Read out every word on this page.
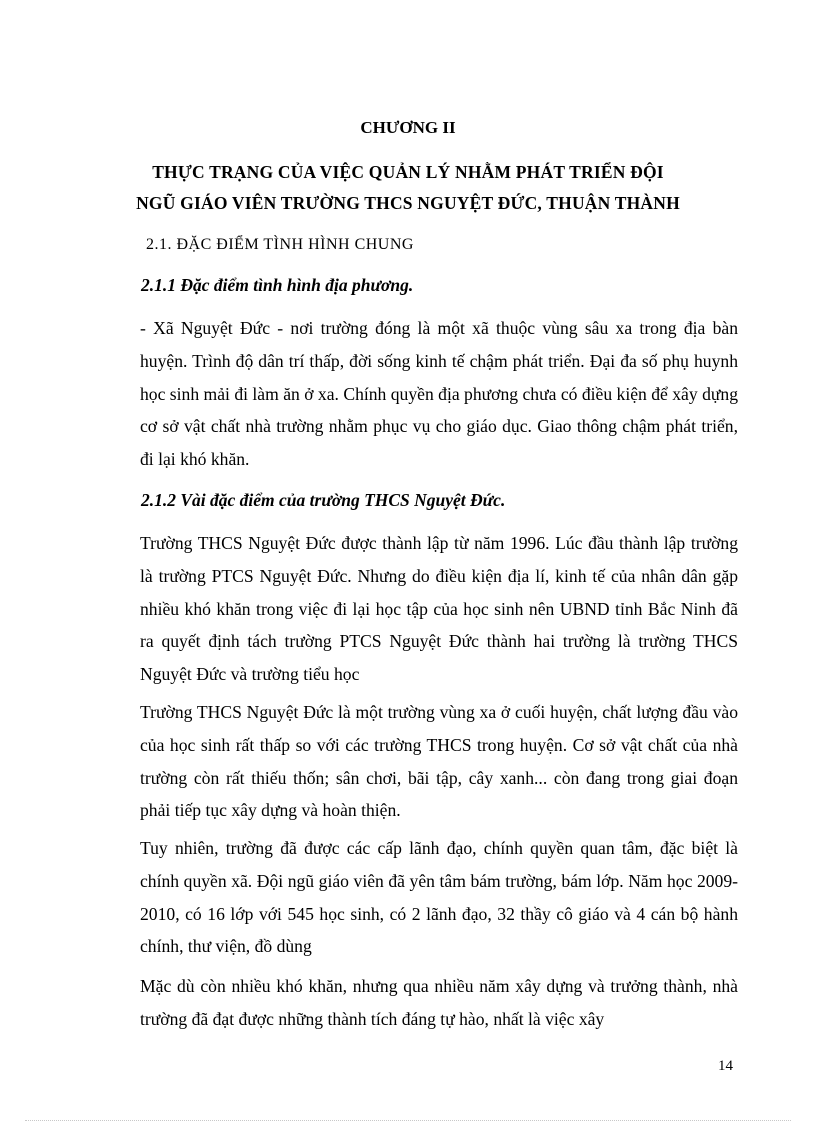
CHƯƠNG II
THỰC TRẠNG CỦA VIỆC QUẢN LÝ NHẰM PHÁT TRIỂN ĐỘI
NGŨ GIÁO VIÊN TRƯỜNG THCS NGUYỆT ĐỨC, THUẬN THÀNH
2.1. ĐẶC ĐIỂM TÌNH HÌNH CHUNG
2.1.1 Đặc điểm tình hình địa phương.

- Xã Nguyệt Đức - nơi trường đóng là một xã thuộc vùng sâu xa trong địa bàn huyện. Trình độ dân trí thấp, đời sống kinh tế chậm phát triển. Đại đa số phụ huynh học sinh mải đi làm ăn ở xa. Chính quyền địa phương chưa có điều kiện để xây dựng cơ sở vật chất nhà trường nhằm phục vụ cho giáo dục. Giao thông chậm phát triển, đi lại khó khăn.

2.1.2 Vài đặc điểm của trường THCS Nguyệt Đức.

Trường THCS Nguyệt Đức được thành lập từ năm 1996. Lúc đầu thành lập trường là trường PTCS Nguyệt Đức. Nhưng do điều kiện địa lí, kinh tế của nhân dân gặp nhiều khó khăn trong việc đi lại học tập của học sinh nên UBND tỉnh Bắc Ninh đã ra quyết định tách trường PTCS Nguyệt Đức thành hai trường là trường THCS Nguyệt Đức và trường tiểu học

Trường THCS Nguyệt Đức là một trường vùng xa ở cuối huyện, chất lượng đầu vào của học sinh rất thấp so với các trường THCS trong huyện. Cơ sở vật chất của nhà trường còn rất thiếu thốn; sân chơi, bãi tập, cây xanh... còn đang trong giai đoạn phải tiếp tục xây dựng và hoàn thiện.

Tuy nhiên, trường đã được các cấp lãnh đạo, chính quyền quan tâm, đặc biệt là chính quyền xã. Đội ngũ giáo viên đã yên tâm bám trường, bám lớp. Năm học 2009-2010, có 16 lớp với 545 học sinh, có 2 lãnh đạo, 32 thầy cô giáo và 4 cán bộ hành chính, thư viện, đồ dùng

Mặc dù còn nhiều khó khăn, nhưng qua nhiều năm xây dựng và trưởng thành, nhà trường đã đạt được những thành tích đáng tự hào, nhất là việc xây

14
